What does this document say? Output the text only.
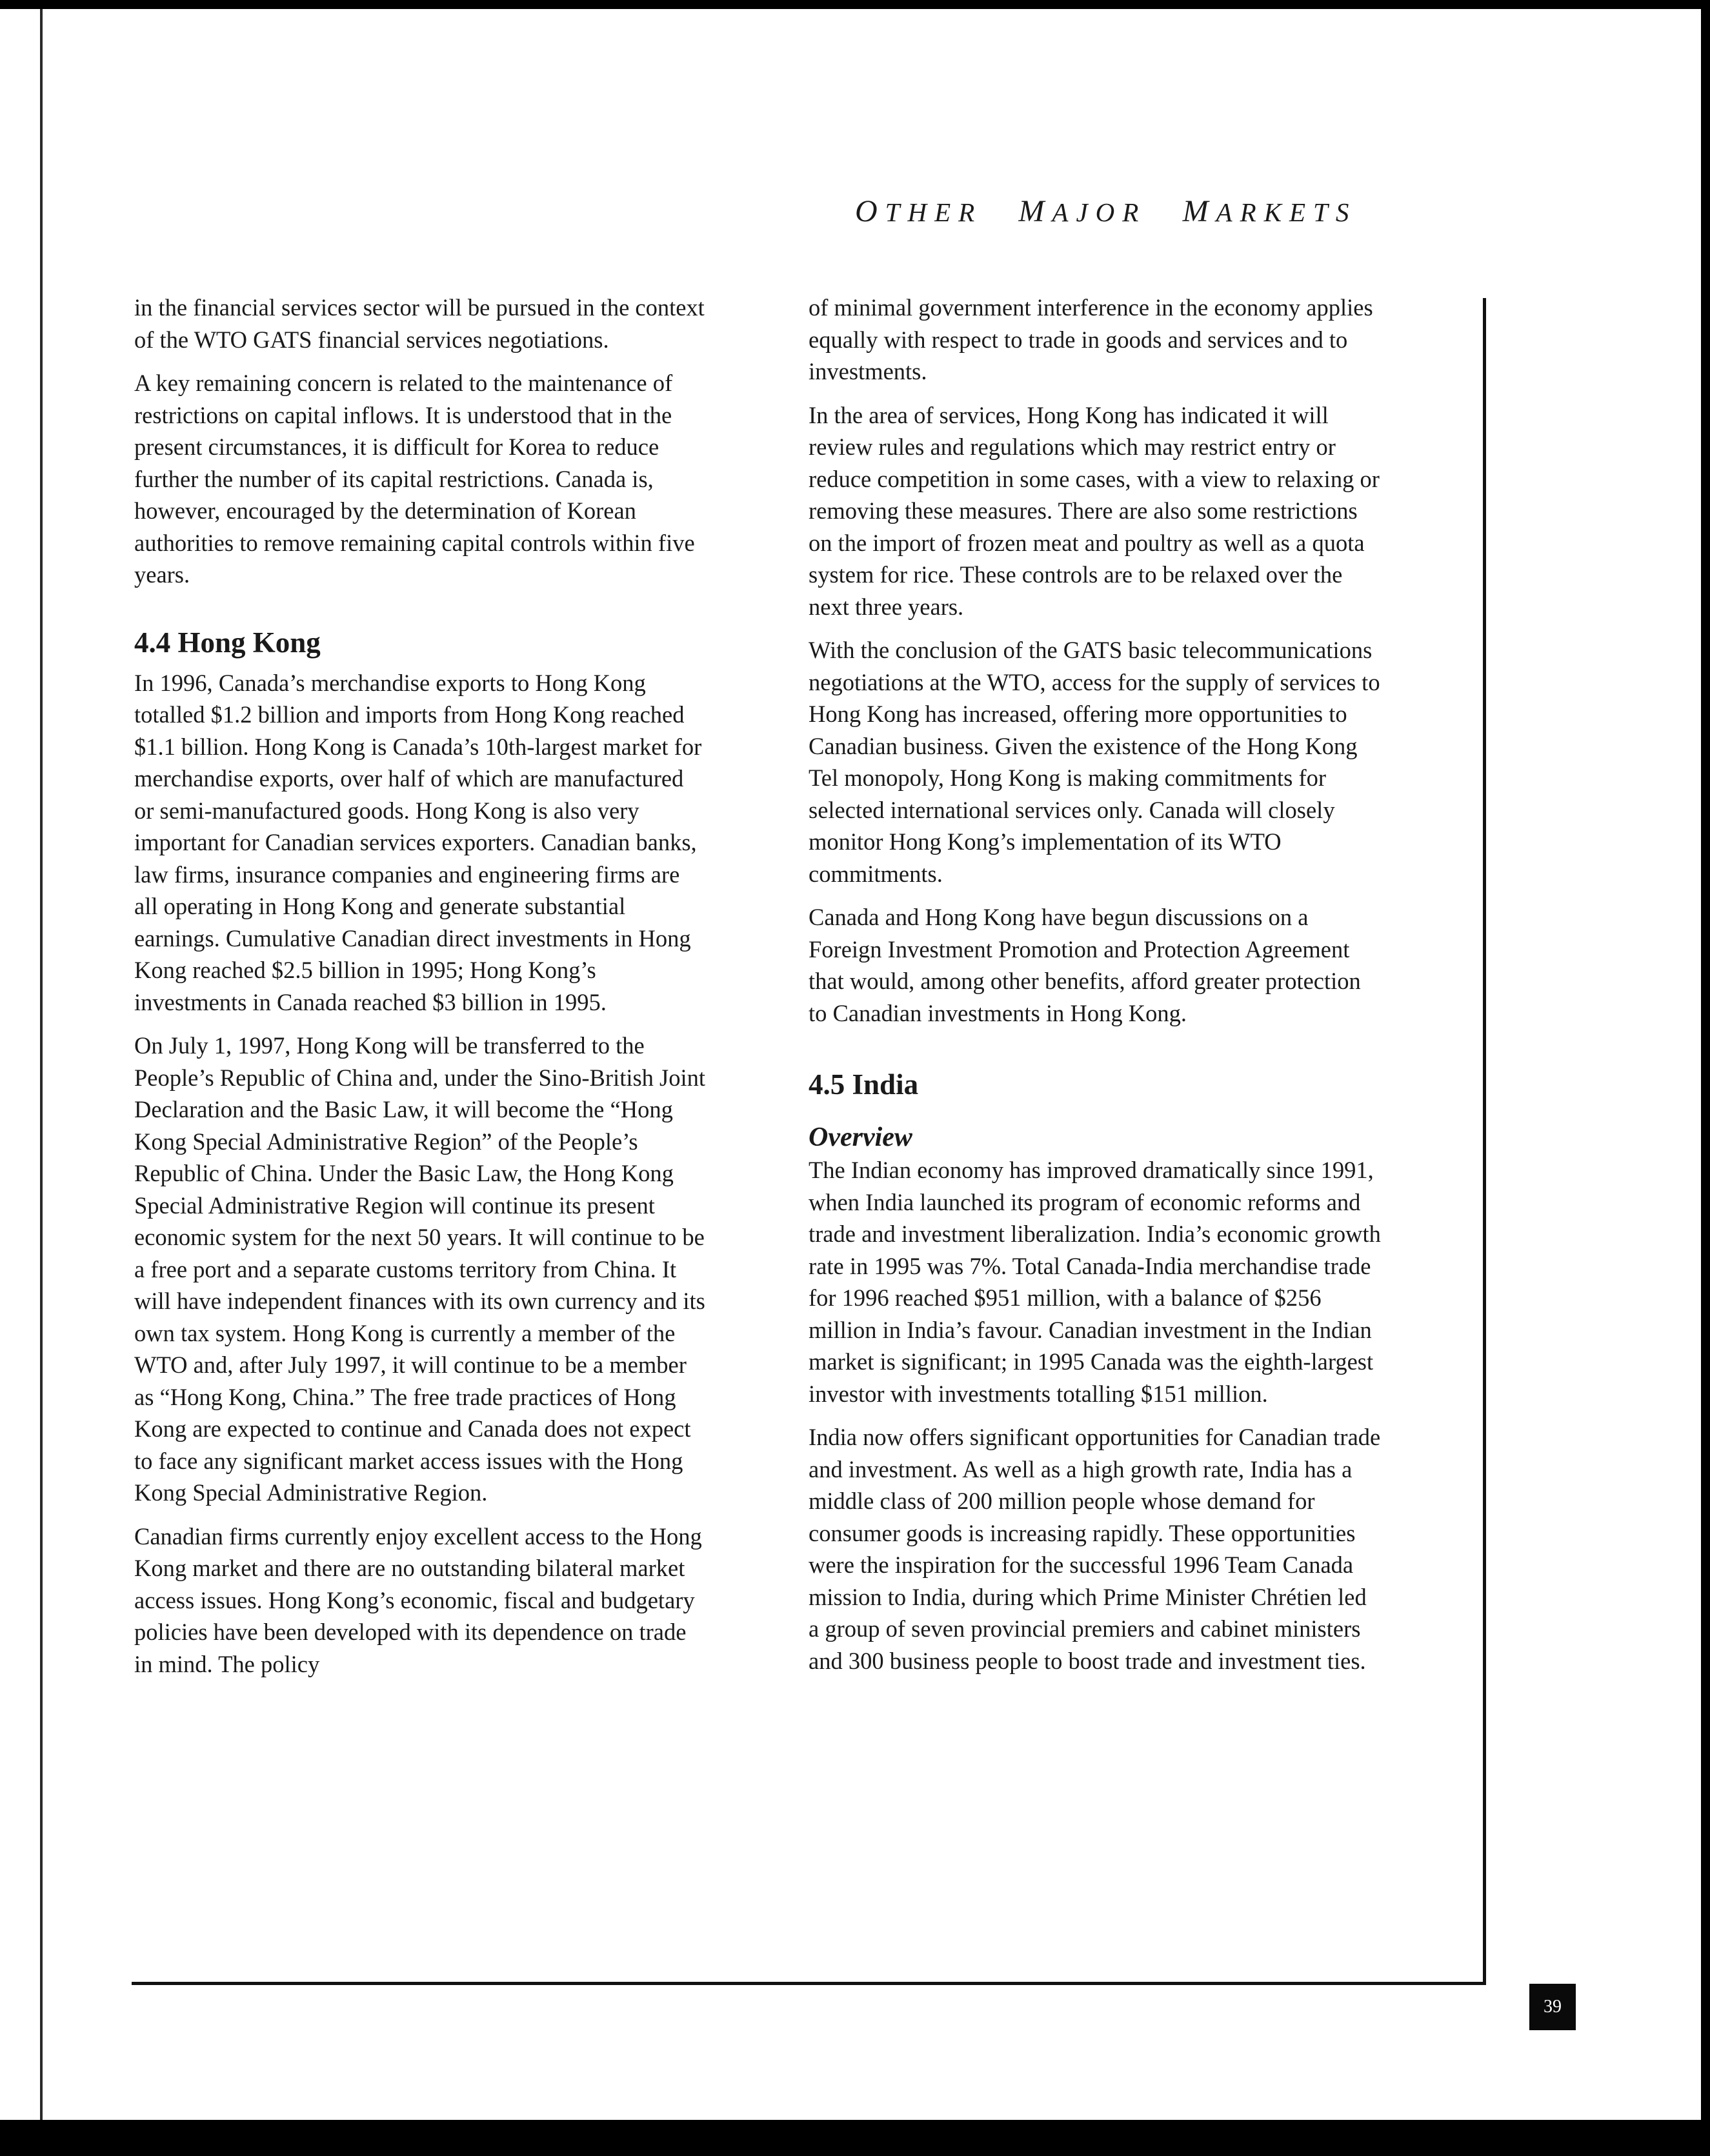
OTHER MAJOR MARKETS

in the financial services sector will be pursued in the context of the WTO GATS financial services negotiations.

A key remaining concern is related to the maintenance of restrictions on capital inflows. It is understood that in the present circumstances, it is difficult for Korea to reduce further the number of its capital restrictions. Canada is, however, encouraged by the determination of Korean authorities to remove remaining capital controls within five years.

4.4 Hong Kong

In 1996, Canada’s merchandise exports to Hong Kong totalled $1.2 billion and imports from Hong Kong reached $1.1 billion. Hong Kong is Canada’s 10th-largest market for merchandise exports, over half of which are manufactured or semi-manufactured goods. Hong Kong is also very important for Canadian services exporters. Canadian banks, law firms, insurance companies and engineering firms are all operating in Hong Kong and generate substantial earnings. Cumulative Canadian direct investments in Hong Kong reached $2.5 billion in 1995; Hong Kong’s investments in Canada reached $3 billion in 1995.

On July 1, 1997, Hong Kong will be transferred to the People’s Republic of China and, under the Sino-British Joint Declaration and the Basic Law, it will become the “Hong Kong Special Administrative Region” of the People’s Republic of China. Under the Basic Law, the Hong Kong Special Administrative Region will continue its present economic system for the next 50 years. It will continue to be a free port and a separate customs territory from China. It will have independent finances with its own currency and its own tax system. Hong Kong is currently a member of the WTO and, after July 1997, it will continue to be a member as “Hong Kong, China.” The free trade practices of Hong Kong are expected to continue and Canada does not expect to face any significant market access issues with the Hong Kong Special Administrative Region.

Canadian firms currently enjoy excellent access to the Hong Kong market and there are no outstanding bilateral market access issues. Hong Kong’s economic, fiscal and budgetary policies have been developed with its dependence on trade in mind. The policy

of minimal government interference in the economy applies equally with respect to trade in goods and services and to investments.

In the area of services, Hong Kong has indicated it will review rules and regulations which may restrict entry or reduce competition in some cases, with a view to relaxing or removing these measures. There are also some restrictions on the import of frozen meat and poultry as well as a quota system for rice. These controls are to be relaxed over the next three years.

With the conclusion of the GATS basic telecommunications negotiations at the WTO, access for the supply of services to Hong Kong has increased, offering more opportunities to Canadian business. Given the existence of the Hong Kong Tel monopoly, Hong Kong is making commitments for selected international services only. Canada will closely monitor Hong Kong’s implementation of its WTO commitments.

Canada and Hong Kong have begun discussions on a Foreign Investment Promotion and Protection Agreement that would, among other benefits, afford greater protection to Canadian investments in Hong Kong.

4.5 India
Overview

The Indian economy has improved dramatically since 1991, when India launched its program of economic reforms and trade and investment liberalization. India’s economic growth rate in 1995 was 7%. Total Canada-India merchandise trade for 1996 reached $951 million, with a balance of $256 million in India’s favour. Canadian investment in the Indian market is significant; in 1995 Canada was the eighth-largest investor with investments totalling $151 million.

India now offers significant opportunities for Canadian trade and investment. As well as a high growth rate, India has a middle class of 200 million people whose demand for consumer goods is increasing rapidly. These opportunities were the inspiration for the successful 1996 Team Canada mission to India, during which Prime Minister Chrétien led a group of seven provincial premiers and cabinet ministers and 300 business people to boost trade and investment ties.

39
